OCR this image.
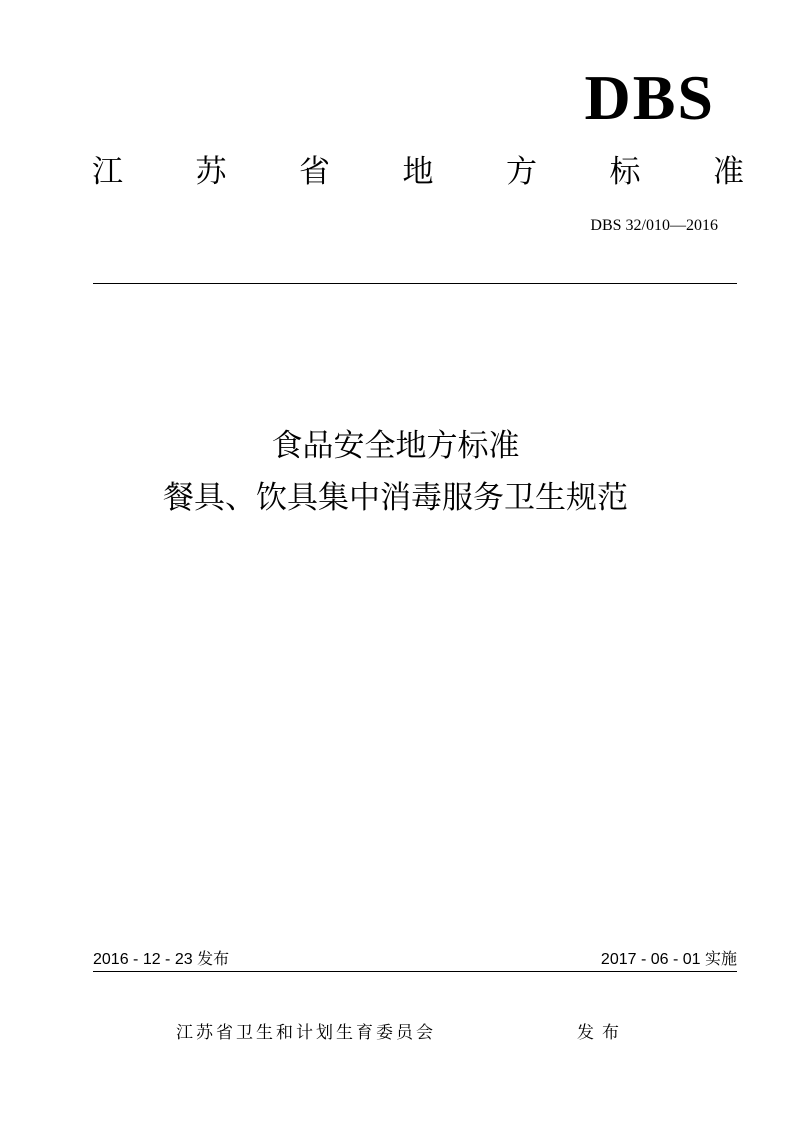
DBS
江 苏 省 地 方 标 准
DBS 32/010—2016
食品安全地方标准
餐具、饮具集中消毒服务卫生规范
2016 - 12 - 23 发布	2017 - 06 - 01 实施
江苏省卫生和计划生育委员会	发布
